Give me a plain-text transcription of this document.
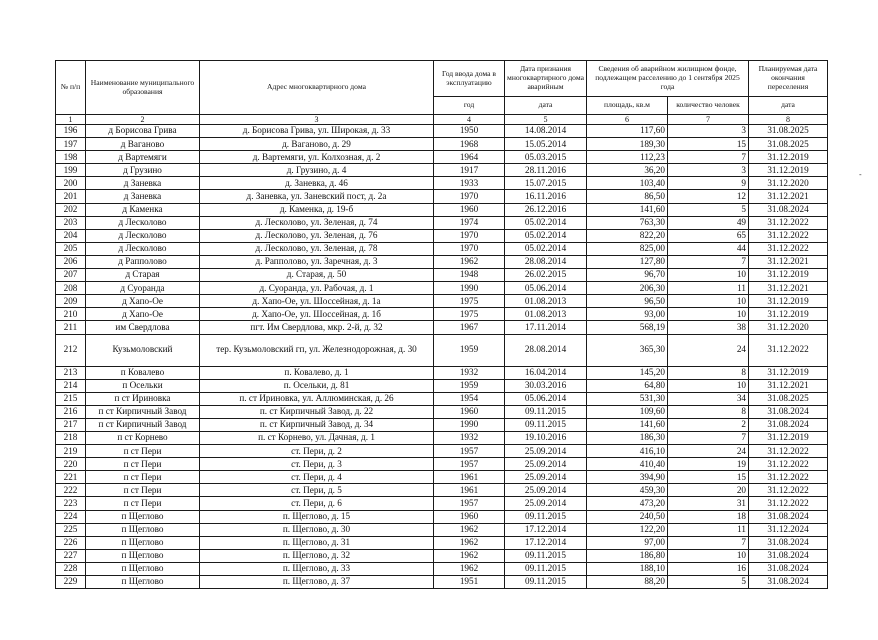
№ п/п	Наименование муниципального образования	Адрес многоквартирного дома	Год ввода дома в эксплуатацию	Дата признания многоквартирного дома аварийным	Сведения об аварийном жилищном фонде, подлежащем расселению до 1 сентября 2025 года		Планируемая дата окончания переселения
			год	дата	площадь, кв.м	количество человек	дата
1	2	3	4	5	6	7	8
196	д Борисова Грива	д. Борисова Грива, ул. Широкая, д. 33	1950	14.08.2014	117,60	3	31.08.2025
197	д Ваганово	д. Ваганово, д. 29	1968	15.05.2014	189,30	15	31.08.2025
198	д Вартемяги	д. Вартемяги, ул. Колхозная, д. 2	1964	05.03.2015	112,23	7	31.12.2019
199	д Грузино	д. Грузино, д. 4	1917	28.11.2016	36,20	3	31.12.2019
200	д Заневка	д. Заневка, д. 46	1933	15.07.2015	103,40	9	31.12.2020
201	д Заневка	д. Заневка, ул. Заневский пост, д. 2а	1970	16.11.2016	86,50	12	31.12.2021
202	д Каменка	д. Каменка, д. 19-б	1960	26.12.2016	141,60	5	31.08.2024
203	д Лесколово	д. Лесколово, ул. Зеленая, д. 74	1974	05.02.2014	763,30	49	31.12.2022
204	д Лесколово	д. Лесколово, ул. Зеленая, д. 76	1970	05.02.2014	822,20	65	31.12.2022
205	д Лесколово	д. Лесколово, ул. Зеленая, д. 78	1970	05.02.2014	825,00	44	31.12.2022
206	д Рапполово	д. Рапполово, ул. Заречная, д. 3	1962	28.08.2014	127,80	7	31.12.2021
207	д Старая	д. Старая, д. 50	1948	26.02.2015	96,70	10	31.12.2019
208	д Суоранда	д. Суоранда, ул. Рабочая, д. 1	1990	05.06.2014	206,30	11	31.12.2021
209	д Хапо-Ое	д. Хапо-Ое, ул. Шоссейная, д. 1а	1975	01.08.2013	96,50	10	31.12.2019
210	д Хапо-Ое	д. Хапо-Ое, ул. Шоссейная, д. 1б	1975	01.08.2013	93,00	10	31.12.2019
211	им Свердлова	пгт. Им Свердлова, мкр. 2-й, д. 32	1967	17.11.2014	568,19	38	31.12.2020
212	Кузьмоловский	тер. Кузьмоловский гп, ул. Железнодорожная, д. 30	1959	28.08.2014	365,30	24	31.12.2022
213	п Ковалево	п. Ковалево, д. 1	1932	16.04.2014	145,20	8	31.12.2019
214	п Осельки	п. Осельки, д. 81	1959	30.03.2016	64,80	10	31.12.2021
215	п ст Ириновка	п. ст Ириновка, ул. Аллюминская, д. 26	1954	05.06.2014	531,30	34	31.08.2025
216	п ст Кирпичный Завод	п. ст Кирпичный Завод, д. 22	1960	09.11.2015	109,60	8	31.08.2024
217	п ст Кирпичный Завод	п. ст Кирпичный Завод, д. 34	1990	09.11.2015	141,60	2	31.08.2024
218	п ст Корнево	п. ст Корнево, ул. Дачная, д. 1	1932	19.10.2016	186,30	7	31.12.2019
219	п ст Пери	ст. Пери, д. 2	1957	25.09.2014	416,10	24	31.12.2022
220	п ст Пери	ст. Пери, д. 3	1957	25.09.2014	410,40	19	31.12.2022
221	п ст Пери	ст. Пери, д. 4	1961	25.09.2014	394,90	15	31.12.2022
222	п ст Пери	ст. Пери, д. 5	1961	25.09.2014	459,30	20	31.12.2022
223	п ст Пери	ст. Пери, д. 6	1957	25.09.2014	473,20	31	31.12.2022
224	п Щеглово	п. Щеглово, д. 15	1960	09.11.2015	240,50	18	31.08.2024
225	п Щеглово	п. Щеглово, д. 30	1962	17.12.2014	122,20	11	31.12.2024
226	п Щеглово	п. Щеглово, д. 31	1962	17.12.2014	97,00	7	31.08.2024
227	п Щеглово	п. Щеглово, д. 32	1962	09.11.2015	186,80	10	31.08.2024
228	п Щеглово	п. Щеглово, д. 33	1962	09.11.2015	188,10	16	31.08.2024
229	п Щеглово	п. Щеглово, д. 37	1951	09.11.2015	88,20	5	31.08.2024
-
